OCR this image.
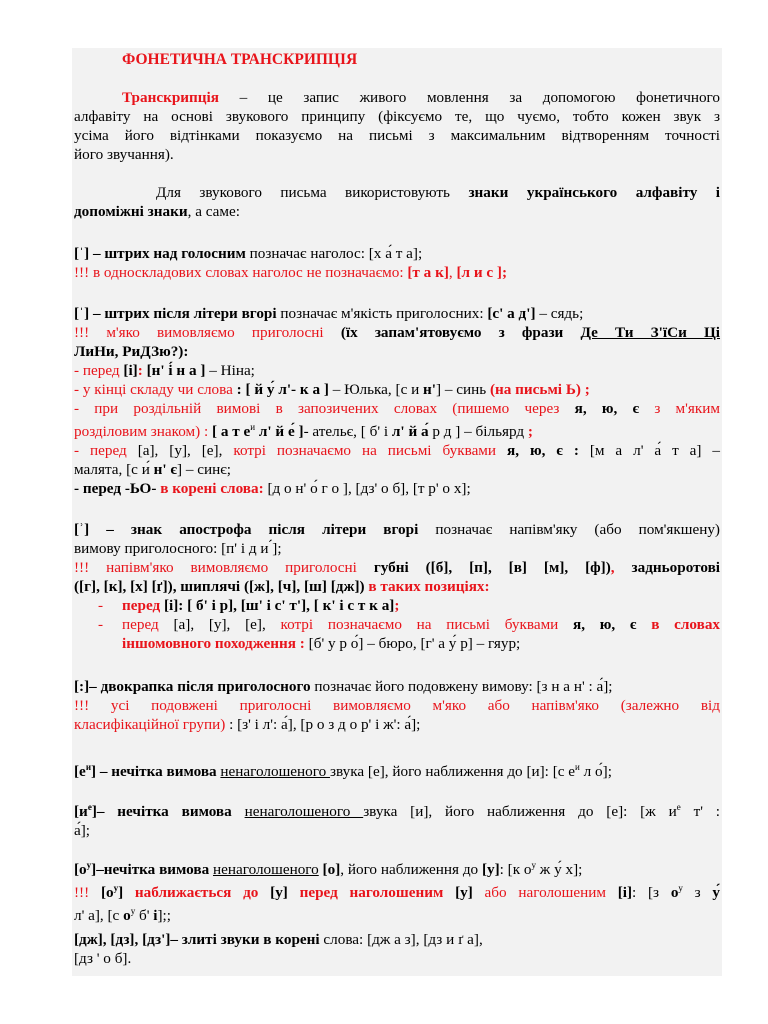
ФОНЕТИЧНА ТРАНСКРИПЦІЯ
Транскрипція – це запис живого мовлення за допомогою фонетичного
алфавіту на основі звукового принципу (фіксуємо те, що чуємо, тобто кожен звук з
усіма його відтінками показуємо на письмі з максимальним відтворенням точності
його звучання).
Для звукового письма використовують знаки українського алфавіту і
допоміжні знаки, а саме:
[ˈ] – штрих над голосним позначає наголос: [х а́ т а];
!!! в односкладових словах наголос не позначаємо: [т а к], [л и с ];
[ˈ] – штрих після літери вгорі позначає м'якість приголосних: [с' а д'] – сядь;
!!! м'яко вимовляємо приголосні (їх запам'ятовуємо з фрази Де Ти З'їСи Ці
ЛиНи, РиДЗю?):
- перед [і]: [н' і́ н а ] – Ніна;
- у кінці складу чи слова : [ й у́ л'- к а ] – Юлька, [с и н'] – синь (на письмі Ь) ;
- при роздільній вимові в запозичених словах (пишемо через я, ю, є з м'яким
розділовим знаком) : [ а т $е^и$ л' й е́ ]- ательє, [ б' і л' й а́ р д ] – більярд ;
- перед [а], [у], [е], котрі позначаємо на письмі буквами я, ю, є : [м а л' а́ т а] –
малята, [с и́ н' є] – синє;
- перед -ЬО- в корені слова: [д о н' о́ г о ], [дз' о б], [т р' о х];
[ʾ] – знак апострофа після літери вгорі позначає напівм'яку (або пом'якшену)
вимову приголосного: [п' і д и ́];
!!! напівм'яко вимовляємо приголосні губні ([б], [п], [в] [м], [ф]), задньоротові
([г], [к], [х] [ґ]), шиплячі ([ж], [ч], [ш] [дж]) в таких позиціях:
- перед [і]: [ б' і р], [ш' і с' т'], [ к' і с т к а];
- перед [а], [у], [е], котрі позначаємо на письмі буквами я, ю, є в словах
іншомовного походження : [б' у р о́] – бюро, [г' а у́ р] – гяур;
[:]– двокрапка після приголосного позначає його подовжену вимову: [з н а н' : а́];
!!! усі подовжені приголосні вимовляємо м'яко або напівм'яко (залежно від
класифікаційної групи) : [з' і л': а́], [р о з д о р' і ж': а́];
$[е^и]$ – нечітка вимова ненаголошеного звука [е], його наближення до [и]: [с $е^и$ л о́];
$[и^е]-$ нечітка вимова ненаголошеного звука [и], його наближення до [е]: [ж $и^е$ т' :
а́];
$[о^у]$–нечітка вимова ненаголошеного [о], його наближення до [у]: [к $о^у$ ж у́ х];
!!! $[о^у]$ наближається до [у] перед наголошеним [у] або наголошеним [і]: [з $о^у$ з у́
л' а], [с $о^у$ б' і];;
[дж], [дз], [дз']– злиті звуки в корені слова: [дж а з], [дз и ґ а],
[дз ' о б].
